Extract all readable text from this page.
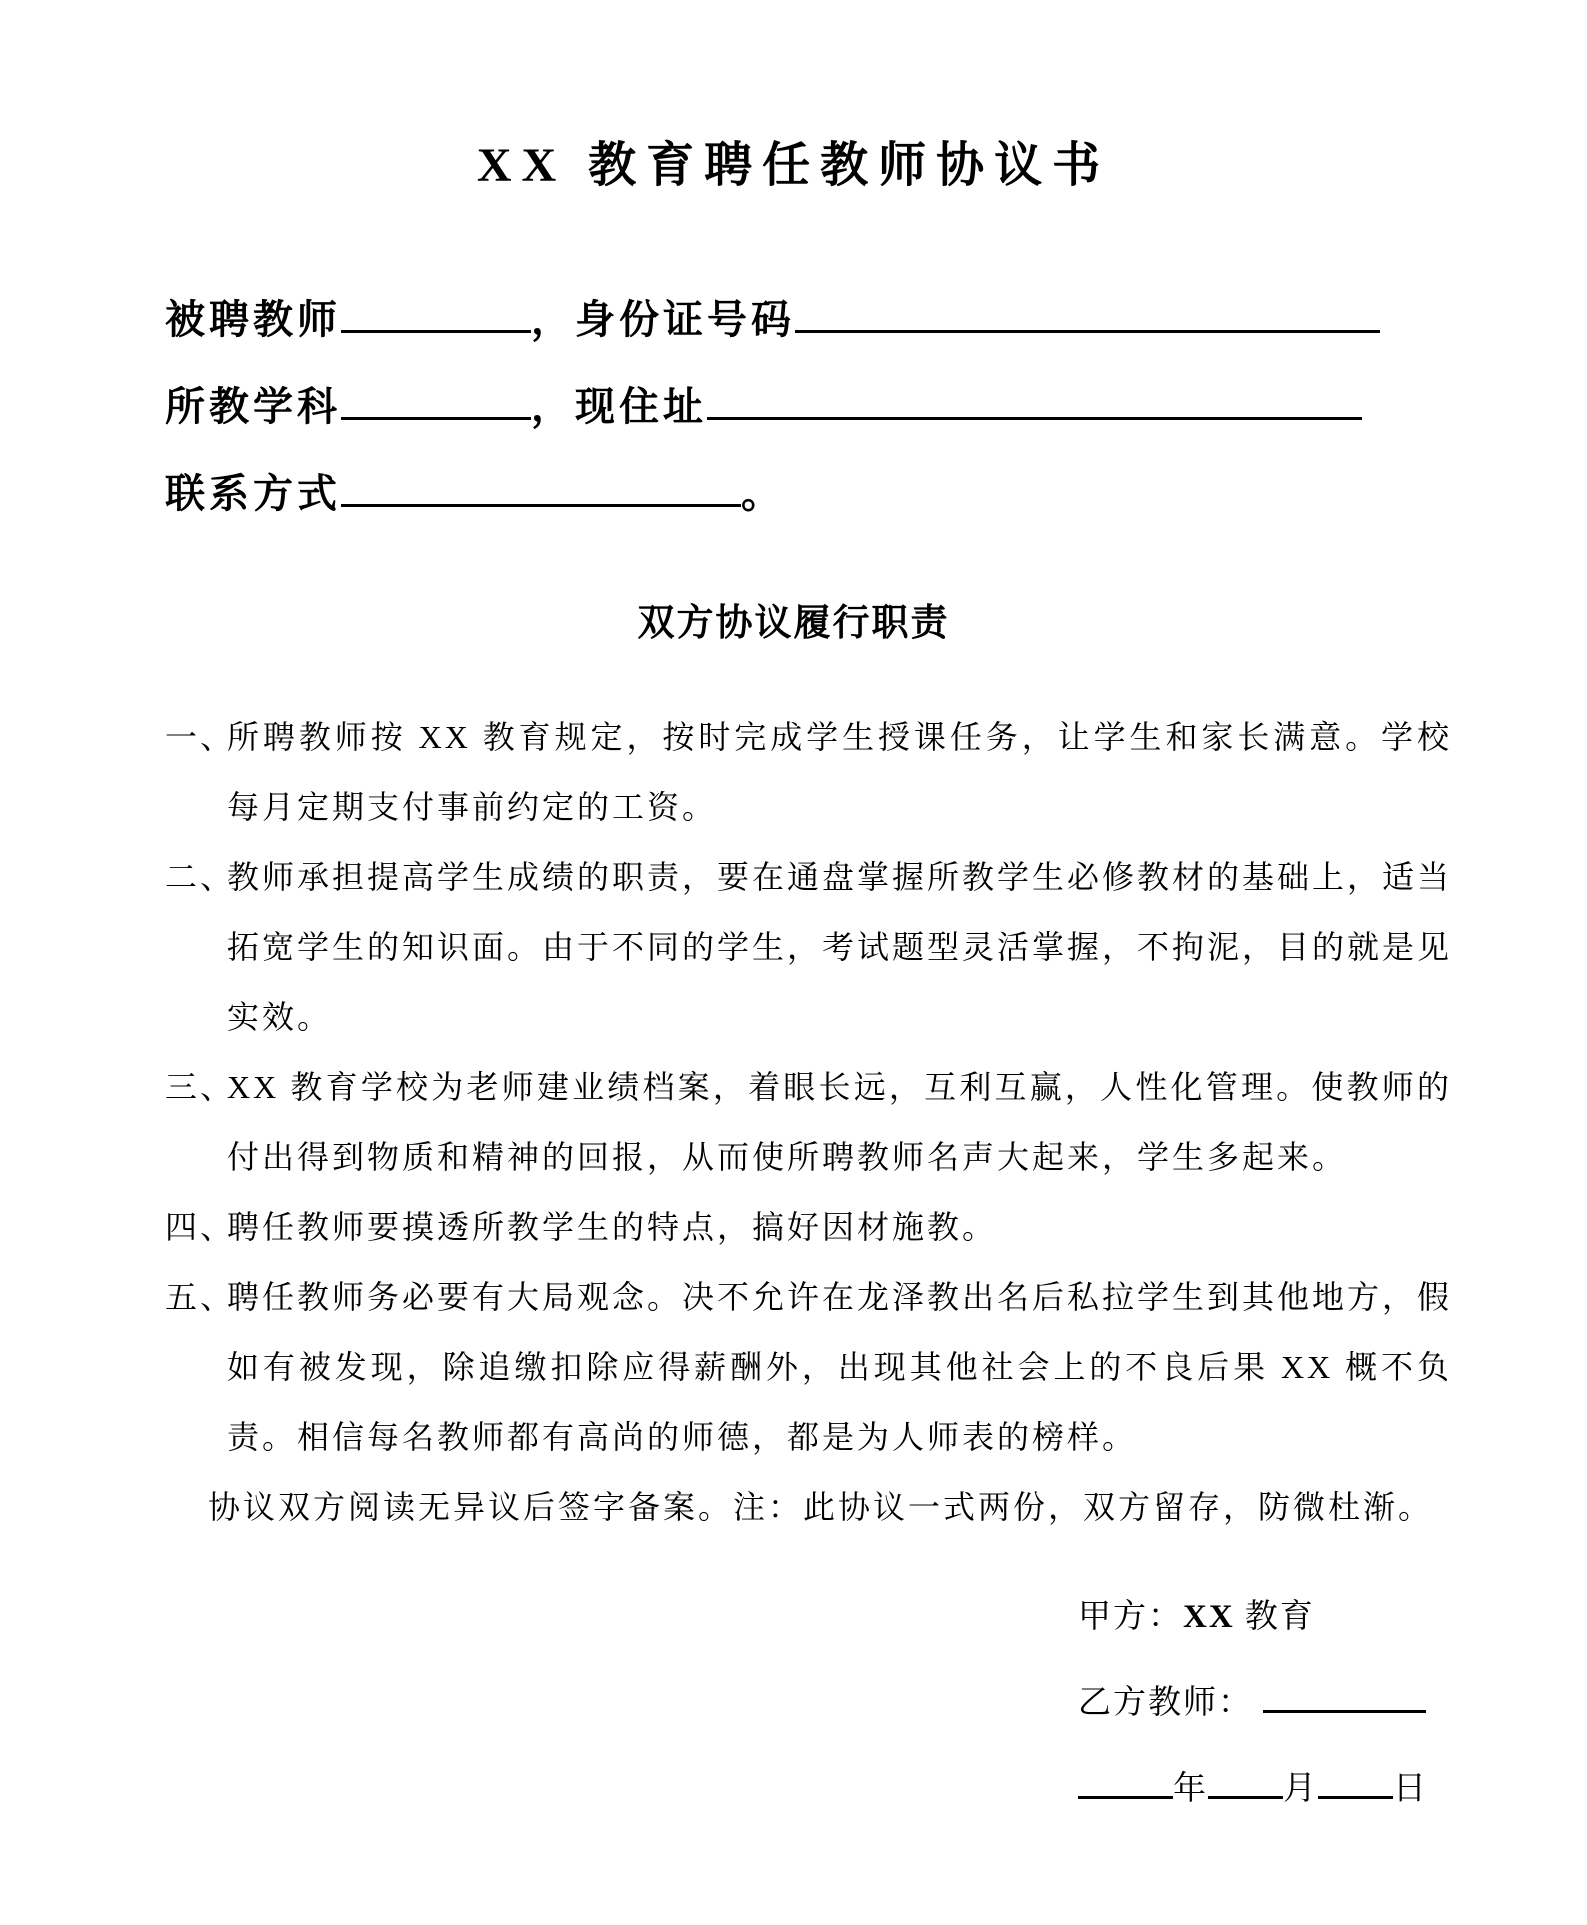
XX 教育聘任教师协议书
被聘教师	，身份证号码
所教学科	，现住址
联系方式	。
双方协议履行职责
一、
所聘教师按 XX 教育规定，按时完成学生授课任务，让学生和家长满意。学校每月定期支付事前约定的工资。
二、
教师承担提高学生成绩的职责，要在通盘掌握所教学生必修教材的基础上，适当拓宽学生的知识面。由于不同的学生，考试题型灵活掌握，不拘泥，目的就是见实效。
三、
XX 教育学校为老师建业绩档案，着眼长远，互利互赢，人性化管理。使教师的付出得到物质和精神的回报，从而使所聘教师名声大起来，学生多起来。
四、
聘任教师要摸透所教学生的特点，搞好因材施教。
五、
聘任教师务必要有大局观念。决不允许在龙泽教出名后私拉学生到其他地方，假如有被发现，除追缴扣除应得薪酬外，出现其他社会上的不良后果 XX 概不负责。相信每名教师都有高尚的师德，都是为人师表的榜样。
协议双方阅读无异议后签字备案。注：此协议一式两份，双方留存，防微杜渐。
甲方：XX 教育
乙方教师：
年 月 日
